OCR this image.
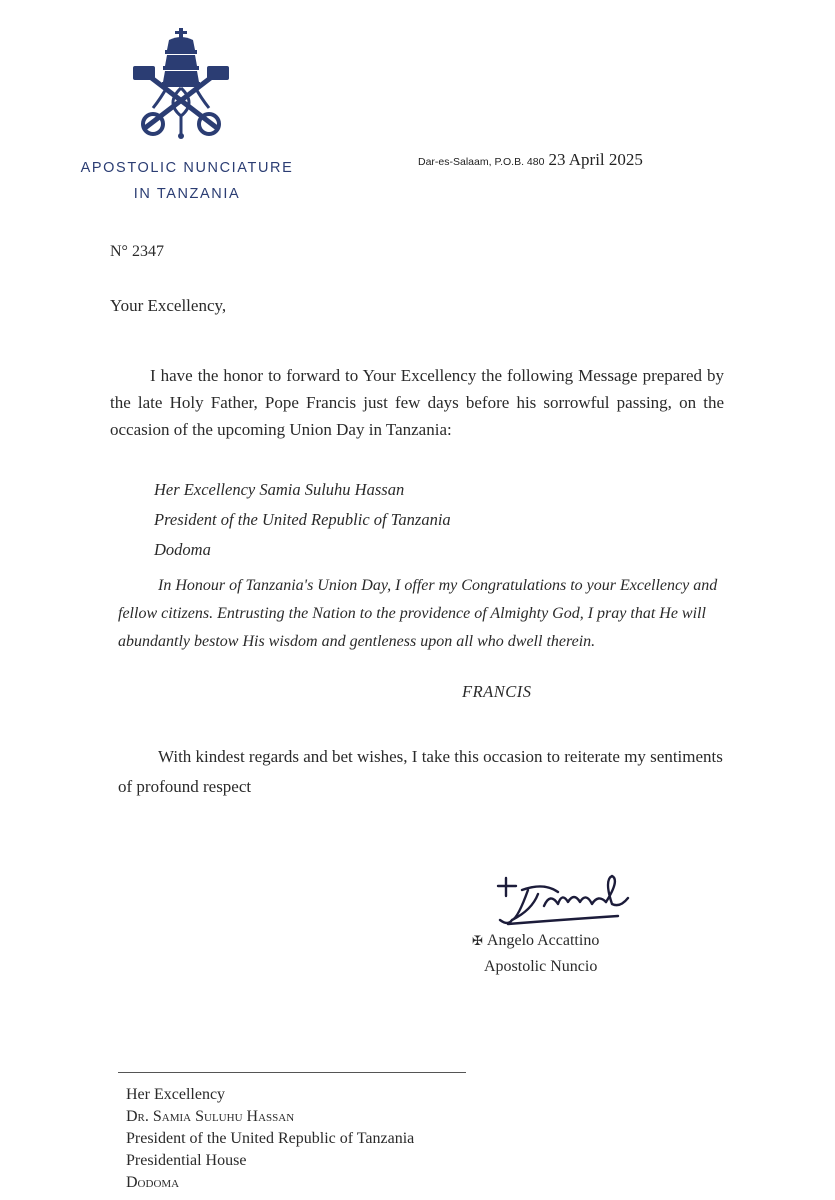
APOSTOLIC NUNCIATURE
IN TANZANIA
Dar-es-Salaam, P.O.B. 480 23 April 2025
N° 2347
Your Excellency,
I have the honor to forward to Your Excellency the following Message prepared by the late Holy Father, Pope Francis just few days before his sorrowful passing, on the occasion of the upcoming Union Day in Tanzania:
Her Excellency Samia Suluhu Hassan
President of the United Republic of Tanzania
Dodoma
In Honour of Tanzania's Union Day, I offer my Congratulations to your Excellency and fellow citizens. Entrusting the Nation to the providence of Almighty God, I pray that He will abundantly bestow His wisdom and gentleness upon all who dwell therein.
FRANCIS
With kindest regards and bet wishes, I take this occasion to reiterate my sentiments of profound respect
✠ Angelo Accattino
Apostolic Nuncio
Her Excellency
Dr. Samia Suluhu Hassan
President of the United Republic of Tanzania
Presidential House
Dodoma
